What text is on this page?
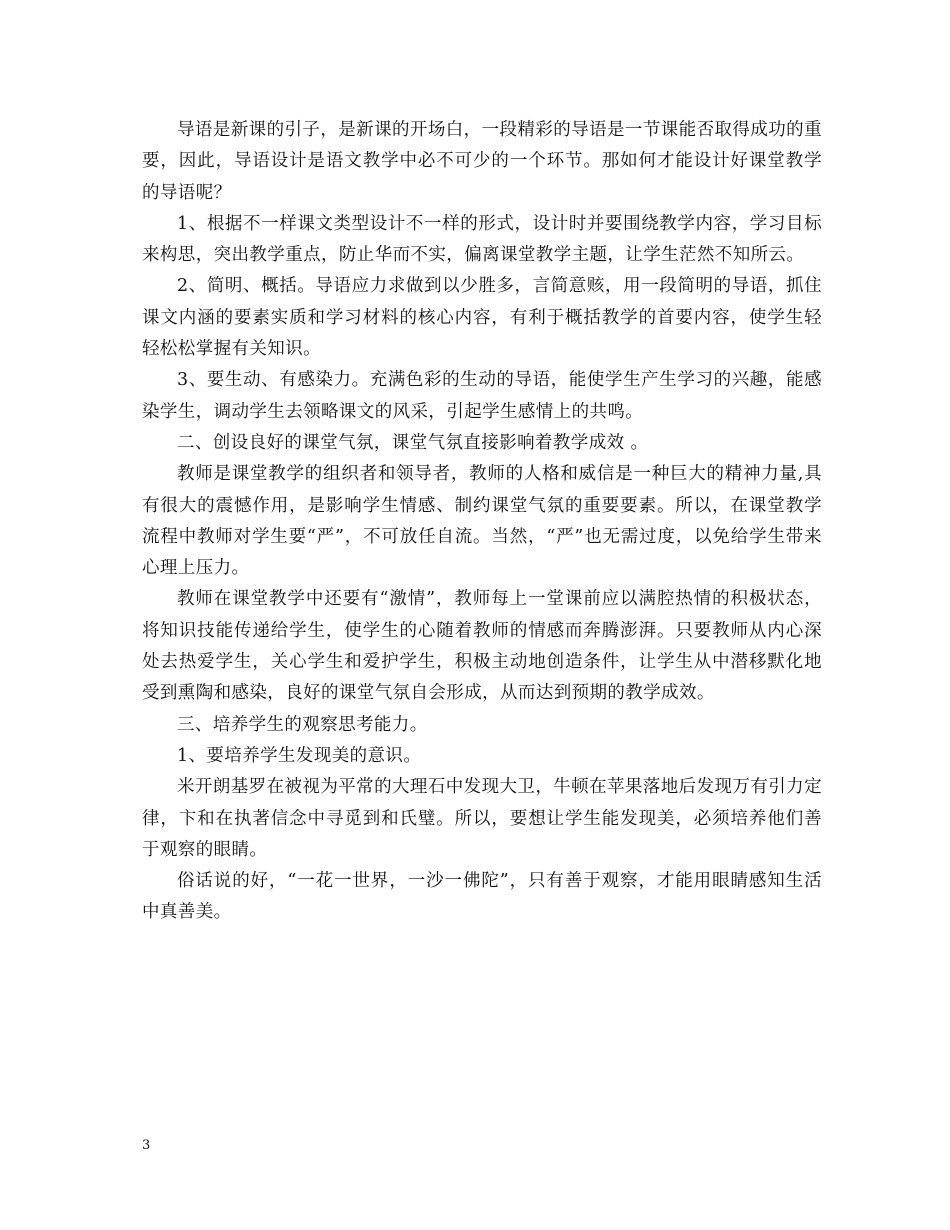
导语是新课的引子，是新课的开场白，一段精彩的导语是一节课能否取得成功的重要，因此，导语设计是语文教学中必不可少的一个环节。那如何才能设计好课堂教学的导语呢？

1、根据不一样课文类型设计不一样的形式，设计时并要围绕教学内容，学习目标来构思，突出教学重点，防止华而不实，偏离课堂教学主题，让学生茫然不知所云。

2、简明、概括。导语应力求做到以少胜多，言简意赅，用一段简明的导语，抓住课文内涵的要素实质和学习材料的核心内容，有利于概括教学的首要内容，使学生轻轻松松掌握有关知识。

3、要生动、有感染力。充满色彩的生动的导语，能使学生产生学习的兴趣，能感染学生，调动学生去领略课文的风采，引起学生感情上的共鸣。

二、创设良好的课堂气氛，课堂气氛直接影响着教学成效 。

教师是课堂教学的组织者和领导者，教师的人格和威信是一种巨大的精神力量,具有很大的震憾作用，是影响学生情感、制约课堂气氛的重要要素。所以，在课堂教学流程中教师对学生要“严”，不可放任自流。当然，“严”也无需过度，以免给学生带来心理上压力。

教师在课堂教学中还要有“激情”，教师每上一堂课前应以满腔热情的积极状态，将知识技能传递给学生，使学生的心随着教师的情感而奔腾澎湃。只要教师从内心深处去热爱学生，关心学生和爱护学生，积极主动地创造条件，让学生从中潜移默化地受到熏陶和感染，良好的课堂气氛自会形成，从而达到预期的教学成效。

三、培养学生的观察思考能力。

1、要培养学生发现美的意识。

米开朗基罗在被视为平常的大理石中发现大卫，牛顿在苹果落地后发现万有引力定律，卞和在执著信念中寻觅到和氏璧。所以，要想让学生能发现美，必须培养他们善于观察的眼睛。

俗话说的好，“一花一世界，一沙一佛陀”，只有善于观察，才能用眼睛感知生活中真善美。

3
